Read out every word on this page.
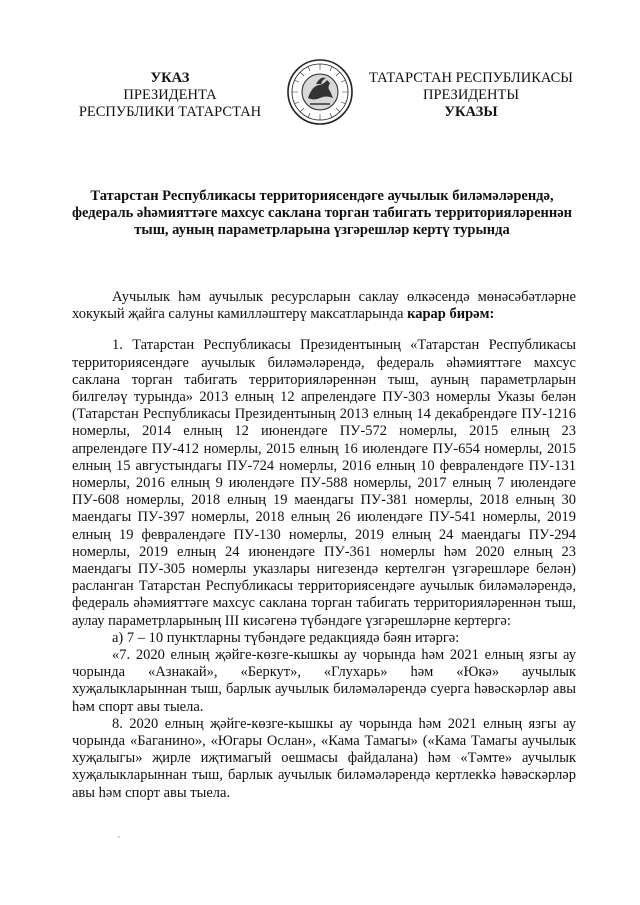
УКАЗ
ПРЕЗИДЕНТА
РЕСПУБЛИКИ ТАТАРСТАН
ТАТАРСТАН РЕСПУБЛИКАСЫ
ПРЕЗИДЕНТЫ
УКАЗЫ
Татарстан Республикасы территориясендәге аучылык биләмәләрендә, федераль әһәмияттәге махсус саклана торган табигать территорияләреннән тыш, ауның параметрларына үзгәрешләр кертү турында

Аучылык һәм аучылык ресурсларын саклау өлкәсендә мөнәсәбәтләрне хокукый җайга салуны камилләштерү максатларында карар бирәм:

1. Татарстан Республикасы Президентының «Татарстан Республикасы территориясендәге аучылык биләмәләрендә, федераль әһәмияттәге махсус саклана торган табигать территорияләреннән тыш, ауның параметрларын билгеләү турында» 2013 елның 12 апрелендәге ПУ-303 номерлы Указы белән (Татарстан Республикасы Президентының 2013 елның 14 декабрендәге ПУ-1216 номерлы, 2014 елның 12 июнендәге ПУ-572 номерлы, 2015 елның 23 апрелендәге ПУ-412 номерлы, 2015 елның 16 июлендәге ПУ-654 номерлы, 2015 елның 15 августындагы ПУ-724 номерлы, 2016 елның 10 февралендәге ПУ-131 номерлы, 2016 елның 9 июлендәге ПУ-588 номерлы, 2017 елның 7 июлендәге ПУ-608 номерлы, 2018 елның 19 маендагы ПУ-381 номерлы, 2018 елның 30 маендагы ПУ-397 номерлы, 2018 елның 26 июлендәге ПУ-541 номерлы, 2019 елның 19 февралендәге ПУ-130 номерлы, 2019 елның 24 маендагы ПУ-294 номерлы, 2019 елның 24 июнендәге ПУ-361 номерлы һәм 2020 елның 23 маендагы ПУ-305 номерлы указлары нигезендә кертелгән үзгәрешләре белән) расланган Татарстан Республикасы территориясендәге аучылык биләмәләрендә, федераль әһәмияттәге махсус саклана торган табигать территорияләреннән тыш, аулау параметрларының III кисәгенә түбәндәге үзгәрешләрне кертергә:

а) 7 – 10 пунктларны түбәндәге редакциядә бәян итәргә:

«7. 2020 елның җәйге-көзге-кышкы ау чорында һәм 2021 елның язгы ау чорында «Азнакай», «Беркут», «Глухарь» һәм «Юкә» аучылык хуҗалыкларыннан тыш, барлык аучылык биләмәләрендә суерга һәвәскәрләр авы һәм спорт авы тыела.

8. 2020 елның җәйге-көзге-кышкы ау чорында һәм 2021 елның язгы ау чорында «Баганино», «Югары Ослан», «Кама Тамагы» («Кама Тамагы аучылык хуҗалыгы» җирле иҗтимагый оешмасы файдалана) һәм «Тәмте» аучылык хуҗалыкларыннан тыш, барлык аучылык биләмәләрендә кертлекkә һәвәскәрләр авы һәм спорт авы тыела.
